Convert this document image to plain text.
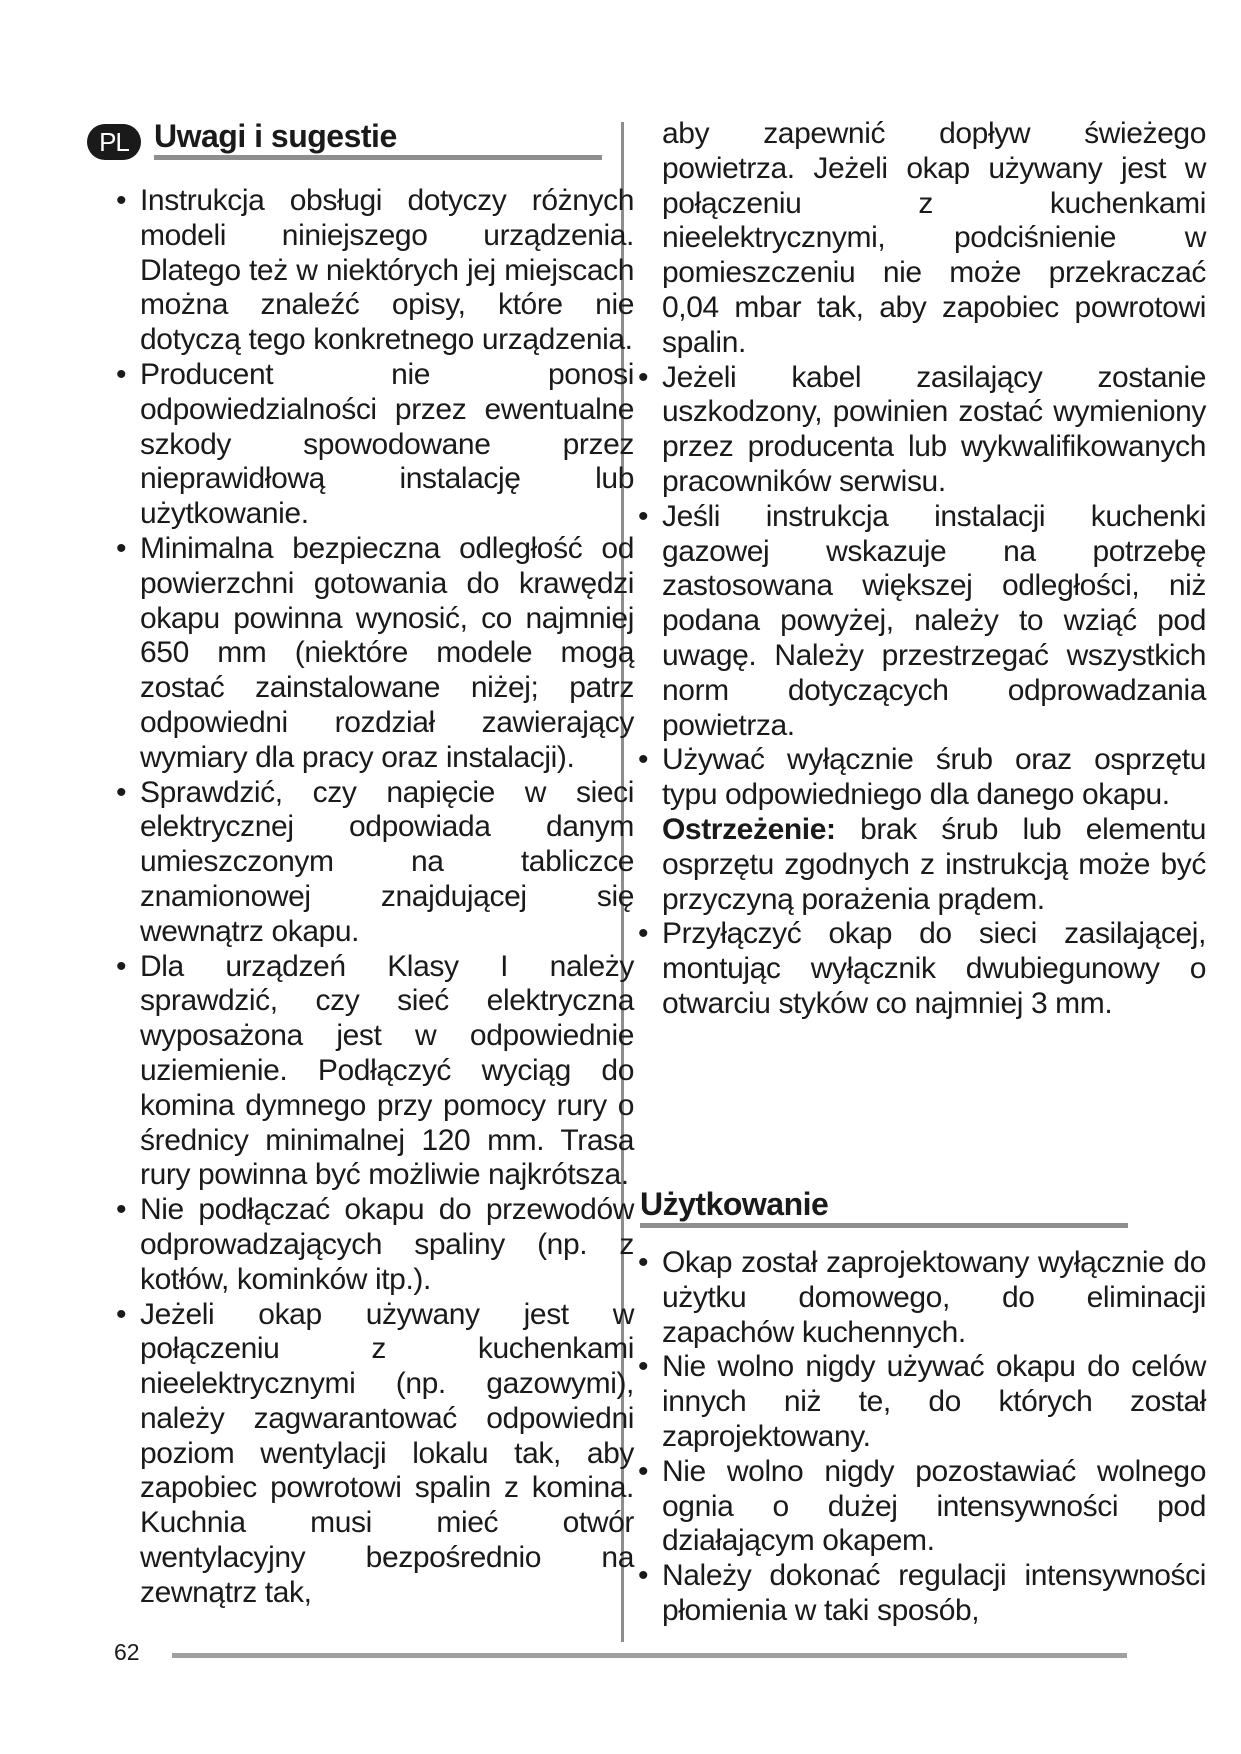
PL Uwagi i sugestie

• Instrukcja obsługi dotyczy różnych modeli niniejszego urządzenia. Dlatego też w niektórych jej miejscach można znaleźć opisy, które nie dotyczą tego konkretnego urządzenia.

• Producent nie ponosi odpowiedzialności przez ewentualne szkody spowodowane przez nieprawidłową instalację lub użytkowanie.

• Minimalna bezpieczna odległość od powierzchni gotowania do krawędzi okapu powinna wynosić, co najmniej 650 mm (niektóre modele mogą zostać zainstalowane niżej; patrz odpowiedni rozdział zawierający wymiary dla pracy oraz instalacji).

• Sprawdzić, czy napięcie w sieci elektrycznej odpowiada danym umieszczonym na tabliczce znamionowej znajdującej się wewnątrz okapu.

• Dla urządzeń Klasy I należy sprawdzić, czy sieć elektryczna wyposażona jest w odpowiednie uziemienie. Podłączyć wyciąg do komina dymnego przy pomocy rury o średnicy minimalnej 120 mm. Trasa rury powinna być możliwie najkrótsza.

• Nie podłączać okapu do przewodów odprowadzających spaliny (np. z kotłów, kominków itp.).

• Jeżeli okap używany jest w połączeniu z kuchenkami nieelektrycznymi (np. gazowymi), należy zagwarantować odpowiedni poziom wentylacji lokalu tak, aby zapobiec powrotowi spalin z komina. Kuchnia musi mieć otwór wentylacyjny bezpośrednio na zewnątrz tak,

aby zapewnić dopływ świeżego powietrza. Jeżeli okap używany jest w połączeniu z kuchenkami nieelektrycznymi, podciśnienie w pomieszczeniu nie może przekraczać 0,04 mbar tak, aby zapobiec powrotowi spalin.

• Jeżeli kabel zasilający zostanie uszkodzony, powinien zostać wymieniony przez producenta lub wykwalifikowanych pracowników serwisu.

• Jeśli instrukcja instalacji kuchenki gazowej wskazuje na potrzebę zastosowana większej odległości, niż podana powyżej, należy to wziąć pod uwagę. Należy przestrzegać wszystkich norm dotyczących odprowadzania powietrza.

• Używać wyłącznie śrub oraz osprzętu typu odpowiedniego dla danego okapu.

Ostrzeżenie: brak śrub lub elementu osprzętu zgodnych z instrukcją może być przyczyną porażenia prądem.

• Przyłączyć okap do sieci zasilającej, montując wyłącznik dwubiegunowy o otwarciu styków co najmniej 3 mm.

Użytkowanie

• Okap został zaprojektowany wyłącznie do użytku domowego, do eliminacji zapachów kuchennych.

• Nie wolno nigdy używać okapu do celów innych niż te, do których został zaprojektowany.

• Nie wolno nigdy pozostawiać wolnego ognia o dużej intensywności pod działającym okapem.

• Należy dokonać regulacji intensywności płomienia w taki sposób,

62
